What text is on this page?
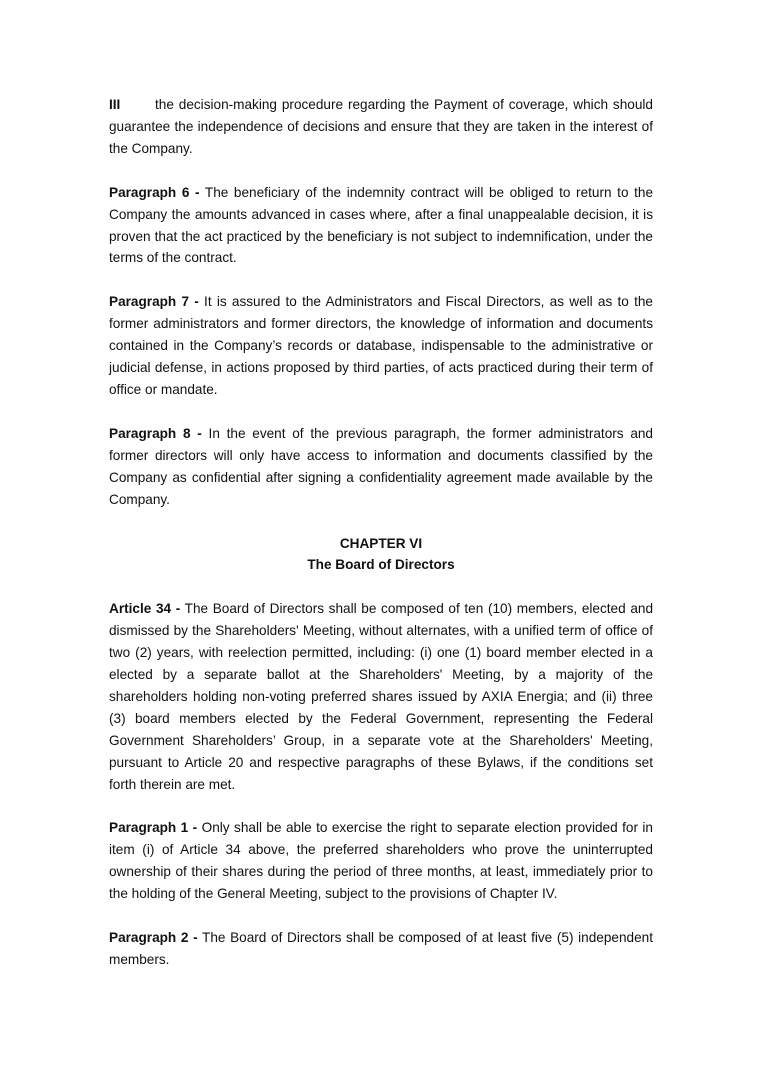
III	the decision-making procedure regarding the Payment of coverage, which should guarantee the independence of decisions and ensure that they are taken in the interest of the Company.

Paragraph 6 - The beneficiary of the indemnity contract will be obliged to return to the Company the amounts advanced in cases where, after a final unappealable decision, it is proven that the act practiced by the beneficiary is not subject to indemnification, under the terms of the contract.

Paragraph 7 - It is assured to the Administrators and Fiscal Directors, as well as to the former administrators and former directors, the knowledge of information and documents contained in the Company’s records or database, indispensable to the administrative or judicial defense, in actions proposed by third parties, of acts practiced during their term of office or mandate.

Paragraph 8 - In the event of the previous paragraph, the former administrators and former directors will only have access to information and documents classified by the Company as confidential after signing a confidentiality agreement made available by the Company.

CHAPTER VI
The Board of Directors

Article 34 - The Board of Directors shall be composed of ten (10) members, elected and dismissed by the Shareholders' Meeting, without alternates, with a unified term of office of two (2) years, with reelection permitted, including: (i) one (1) board member elected in a elected by a separate ballot at the Shareholders' Meeting, by a majority of the shareholders holding non-voting preferred shares issued by AXIA Energia; and (ii) three (3) board members elected by the Federal Government, representing the Federal Government Shareholders’ Group, in a separate vote at the Shareholders' Meeting, pursuant to Article 20 and respective paragraphs of these Bylaws, if the conditions set forth therein are met.

Paragraph 1 - Only shall be able to exercise the right to separate election provided for in item (i) of Article 34 above, the preferred shareholders who prove the uninterrupted ownership of their shares during the period of three months, at least, immediately prior to the holding of the General Meeting, subject to the provisions of Chapter IV.

Paragraph 2 - The Board of Directors shall be composed of at least five (5) independent members.
